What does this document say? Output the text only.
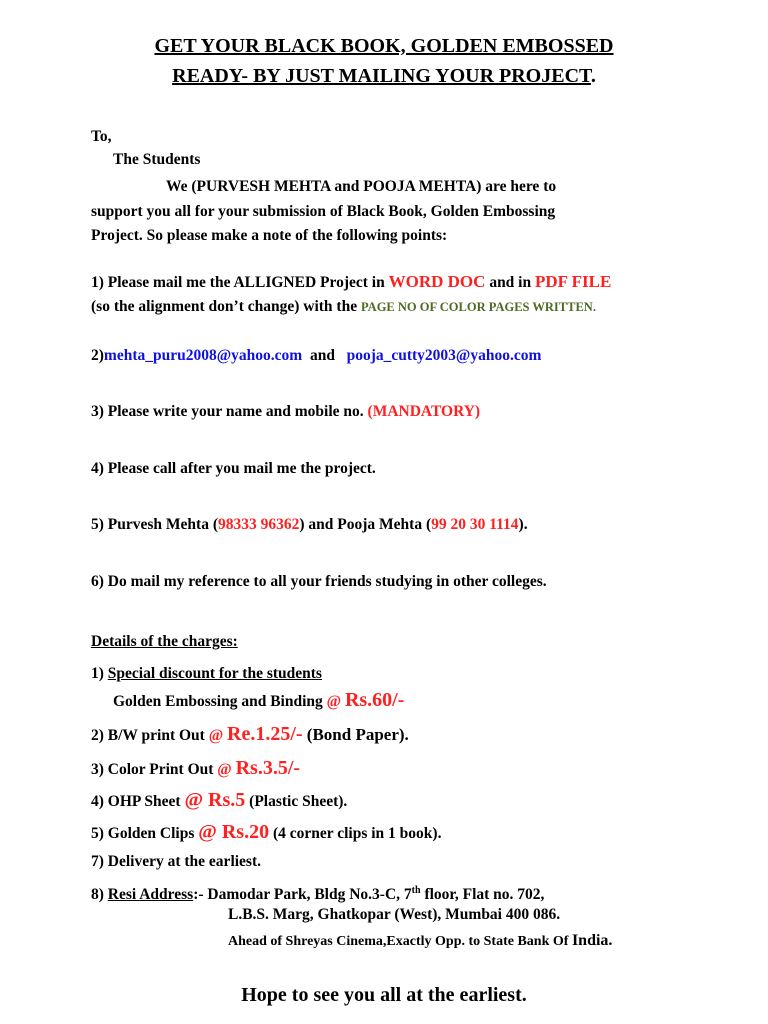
GET YOUR BLACK BOOK, GOLDEN EMBOSSED
READY- BY JUST MAILING YOUR PROJECT.
To,
The Students
We (PURVESH MEHTA and POOJA MEHTA) are here to
support you all for your submission of Black Book, Golden Embossing
Project. So please make a note of the following points:
1) Please mail me the ALLIGNED Project in WORD DOC and in PDF FILE
(so the alignment don’t change) with the PAGE NO OF COLOR PAGES WRITTEN.
2)mehta_puru2008@yahoo.com  and   pooja_cutty2003@yahoo.com
3) Please write your name and mobile no. (MANDATORY)
4) Please call after you mail me the project.
5) Purvesh Mehta (98333 96362) and Pooja Mehta (99 20 30 1114).
6) Do mail my reference to all your friends studying in other colleges.
Details of the charges:
1) Special discount for the students
Golden Embossing and Binding @ Rs.60/-
2) B/W print Out @ Re.1.25/- (Bond Paper).
3) Color Print Out @ Rs.3.5/-
4) OHP Sheet @ Rs.5 (Plastic Sheet).
5) Golden Clips @ Rs.20 (4 corner clips in 1 book).
7) Delivery at the earliest.
8) Resi Address:- Damodar Park, Bldg No.3-C, 7th floor, Flat no. 702,
L.B.S. Marg, Ghatkopar (West), Mumbai 400 086.
Ahead of Shreyas Cinema,Exactly Opp. to State Bank Of India.
Hope to see you all at the earliest.
